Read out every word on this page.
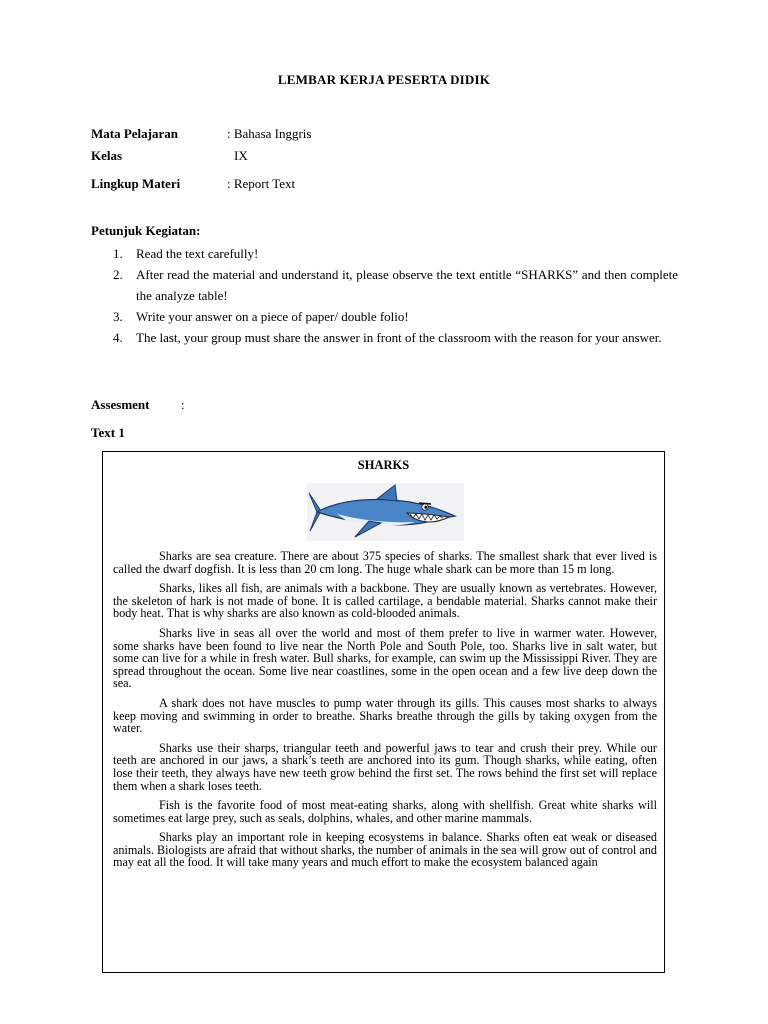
LEMBAR KERJA PESERTA DIDIK
Mata Pelajaran	: Bahasa Inggris
Kelas	IX
Lingkup Materi	: Report Text
Petunjuk Kegiatan:
1. Read the text carefully!
2. After read the material and understand it, please observe the text entitle “SHARKS” and then complete the analyze table!
3. Write your answer on a piece of paper/ double folio!
4. The last, your group must share the answer in front of the classroom with the reason for your answer.
Assesment :
Text 1
SHARKS

Sharks are sea creature. There are about 375 species of sharks. The smallest shark that ever lived is called the dwarf dogfish. It is less than 20 cm long. The huge whale shark can be more than 15 m long.

Sharks, likes all fish, are animals with a backbone. They are usually known as vertebrates. However, the skeleton of hark is not made of bone. It is called cartilage, a bendable material. Sharks cannot make their body heat. That is why sharks are also known as cold-blooded animals.

Sharks live in seas all over the world and most of them prefer to live in warmer water. However, some sharks have been found to live near the North Pole and South Pole, too. Sharks live in salt water, but some can live for a while in fresh water. Bull sharks, for example, can swim up the Mississippi River. They are spread throughout the ocean. Some live near coastlines, some in the open ocean and a few live deep down the sea.

A shark does not have muscles to pump water through its gills. This causes most sharks to always keep moving and swimming in order to breathe. Sharks breathe through the gills by taking oxygen from the water.

Sharks use their sharps, triangular teeth and powerful jaws to tear and crush their prey. While our teeth are anchored in our jaws, a shark’s teeth are anchored into its gum. Though sharks, while eating, often lose their teeth, they always have new teeth grow behind the first set. The rows behind the first set will replace them when a shark loses teeth.

Fish is the favorite food of most meat-eating sharks, along with shellfish. Great white sharks will sometimes eat large prey, such as seals, dolphins, whales, and other marine mammals.

Sharks play an important role in keeping ecosystems in balance. Sharks often eat weak or diseased animals. Biologists are afraid that without sharks, the number of animals in the sea will grow out of control and may eat all the food. It will take many years and much effort to make the ecosystem balanced again
